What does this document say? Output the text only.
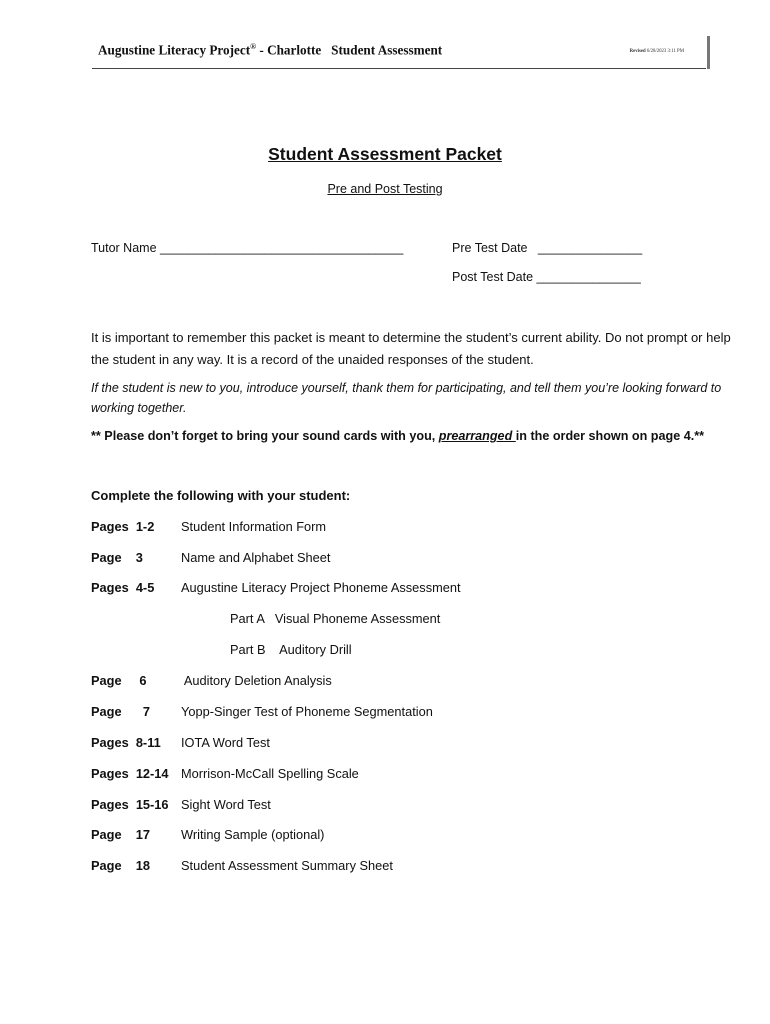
Augustine Literacy Project® - Charlotte   Student Assessment	Revised 6/28/2023 3:11 PM
Student Assessment Packet
Pre and Post Testing
Tutor Name ___________________________________	Pre Test Date   _______________
Post Test Date _______________
It is important to remember this packet is meant to determine the student’s current ability. Do not prompt or help the student in any way. It is a record of the unaided responses of the student.
If the student is new to you, introduce yourself, thank them for participating, and tell them you’re looking forward to working together.
** Please don’t forget to bring your sound cards with you, prearranged in the order shown on page 4.**
Complete the following with your student:
Pages  1-2 Student Information Form
Page    3	Name and Alphabet Sheet
Pages  4-5 Augustine Literacy Project Phoneme Assessment
Part A   Visual Phoneme Assessment
Part B    Auditory Drill
Page     6	Auditory Deletion Analysis
Page      7 Yopp-Singer Test of Phoneme Segmentation
Pages  8-11 IOTA Word Test
Pages  12-14 Morrison-McCall Spelling Scale
Pages  15-16 Sight Word Test
Page    17 Writing Sample (optional)
Page    18 Student Assessment Summary Sheet
